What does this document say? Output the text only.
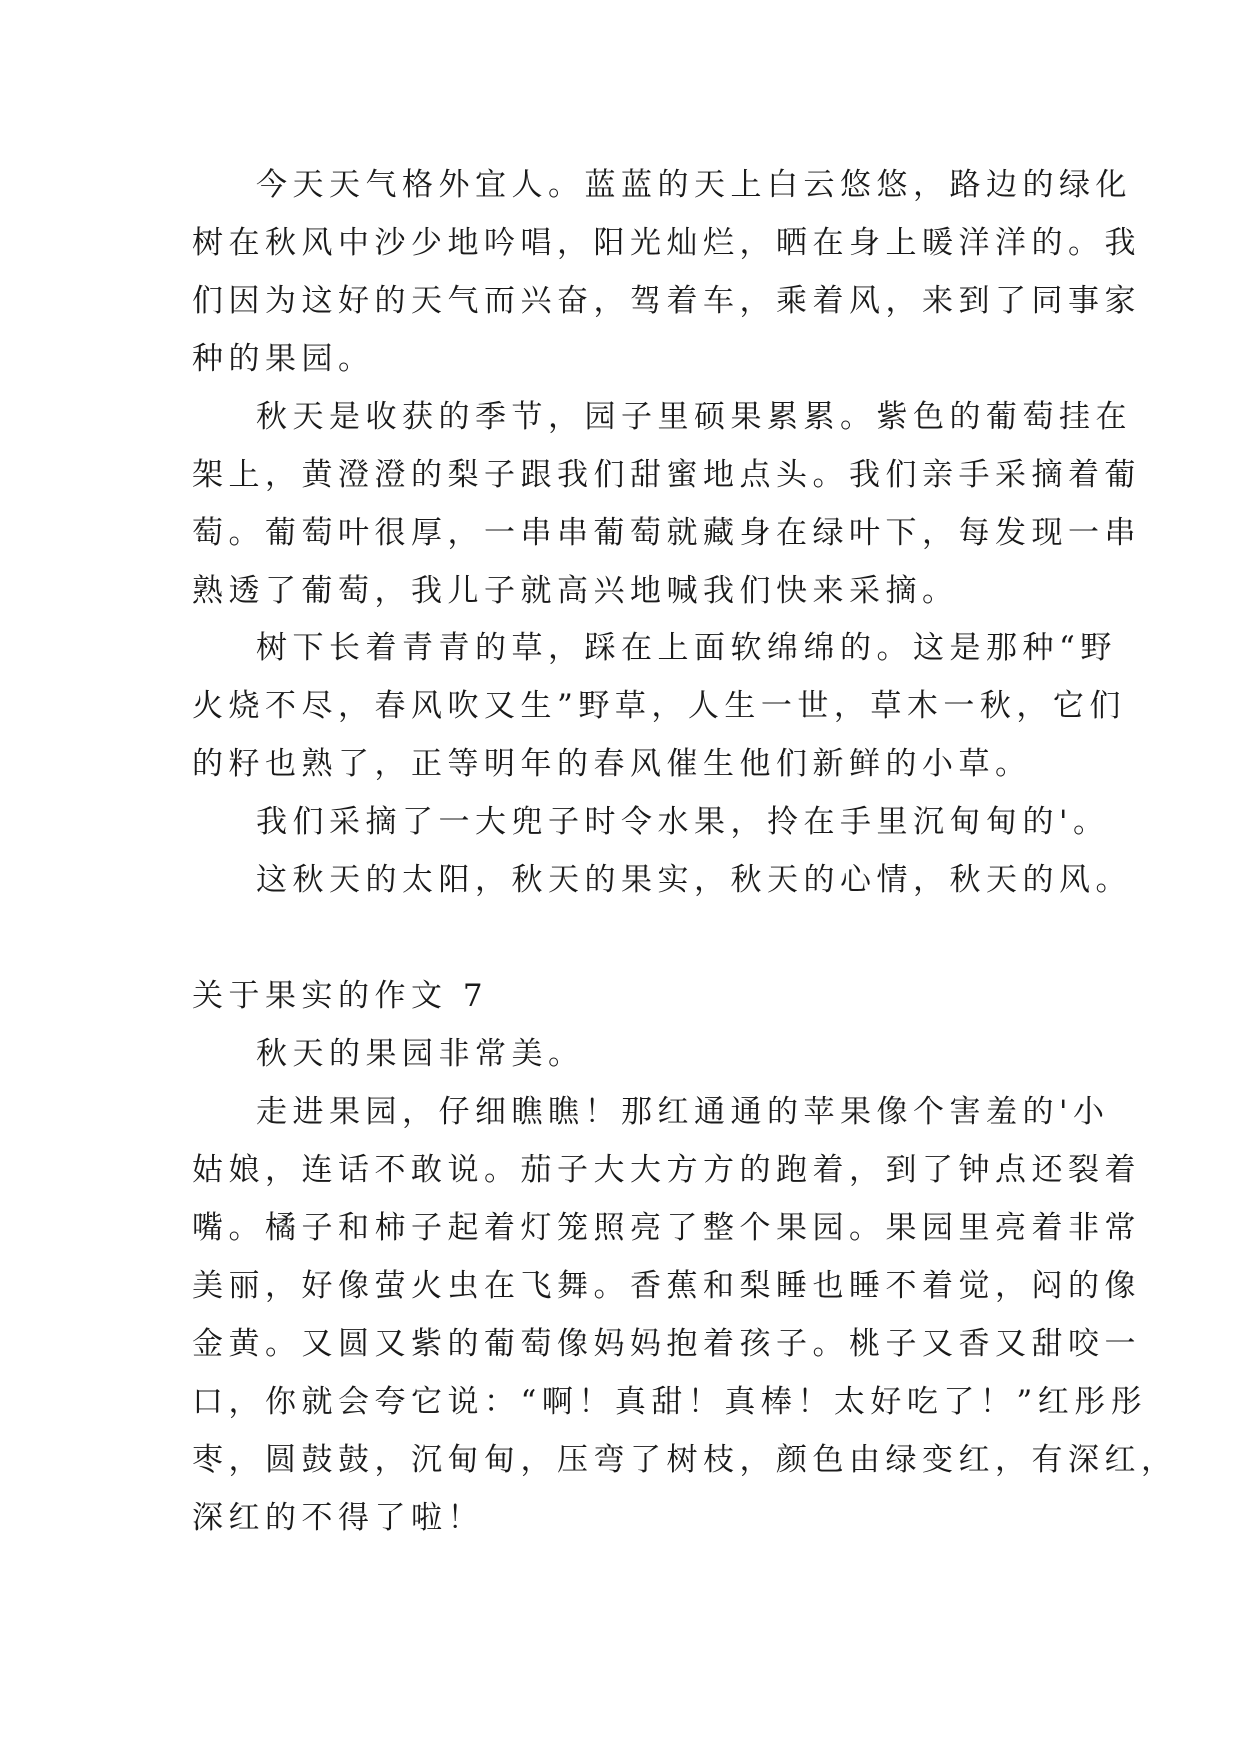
今天天气格外宜人。蓝蓝的天上白云悠悠，路边的绿化
树在秋风中沙少地吟唱，阳光灿烂，晒在身上暖洋洋的。我
们因为这好的天气而兴奋，驾着车，乘着风，来到了同事家
种的果园。
秋天是收获的季节，园子里硕果累累。紫色的葡萄挂在
架上，黄澄澄的梨子跟我们甜蜜地点头。我们亲手采摘着葡
萄。葡萄叶很厚，一串串葡萄就藏身在绿叶下，每发现一串
熟透了葡萄，我儿子就高兴地喊我们快来采摘。
树下长着青青的草，踩在上面软绵绵的。这是那种“野
火烧不尽，春风吹又生”野草，人生一世，草木一秋，它们
的籽也熟了，正等明年的春风催生他们新鲜的小草。
我们采摘了一大兜子时令水果，拎在手里沉甸甸的'。
这秋天的太阳，秋天的果实，秋天的心情，秋天的风。
关于果实的作文 7
秋天的果园非常美。
走进果园，仔细瞧瞧！那红通通的苹果像个害羞的'小
姑娘，连话不敢说。茄子大大方方的跑着，到了钟点还裂着
嘴。橘子和柿子起着灯笼照亮了整个果园。果园里亮着非常
美丽，好像萤火虫在飞舞。香蕉和梨睡也睡不着觉，闷的像
金黄。又圆又紫的葡萄像妈妈抱着孩子。桃子又香又甜咬一
口，你就会夸它说：“啊！真甜！真棒！太好吃了！”红彤彤
枣，圆鼓鼓，沉甸甸，压弯了树枝，颜色由绿变红，有深红，
深红的不得了啦！
